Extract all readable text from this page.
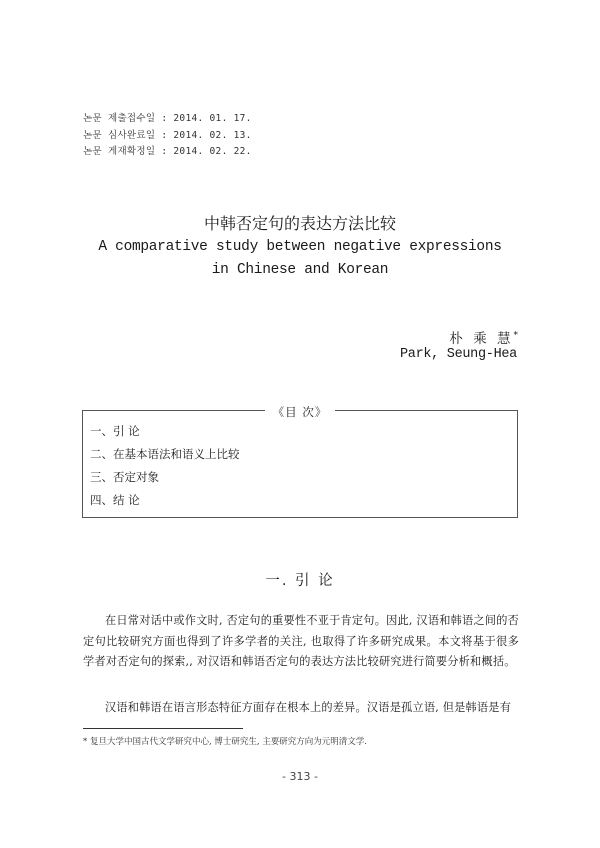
논문 제출접수일 : 2014. 01. 17.
논문 심사완료일 : 2014. 02. 13.
논문 게재확정일 : 2014. 02. 22.
中韩否定句的表达方法比较
A comparative study between negative expressions
in Chinese and Korean
朴 乘 慧*
Park, Seung-Hea
《目 次》
一、引 论
二、在基本语法和语义上比较
三、否定对象
四、结 论
一. 引 论
在日常对话中或作文时, 否定句的重要性不亚于肯定句。因此, 汉语和韩语之间的否定句比较研究方面也得到了许多学者的关注, 也取得了许多研究成果。本文将基于很多学者对否定句的探索,, 对汉语和韩语否定句的表达方法比较研究进行简要分析和概括。
汉语和韩语在语言形态特征方面存在根本上的差异。汉语是孤立语, 但是韩语是有
* 复旦大学中国古代文学研究中心, 博士研究生, 主要研究方向为元明清文学.
- 313 -
